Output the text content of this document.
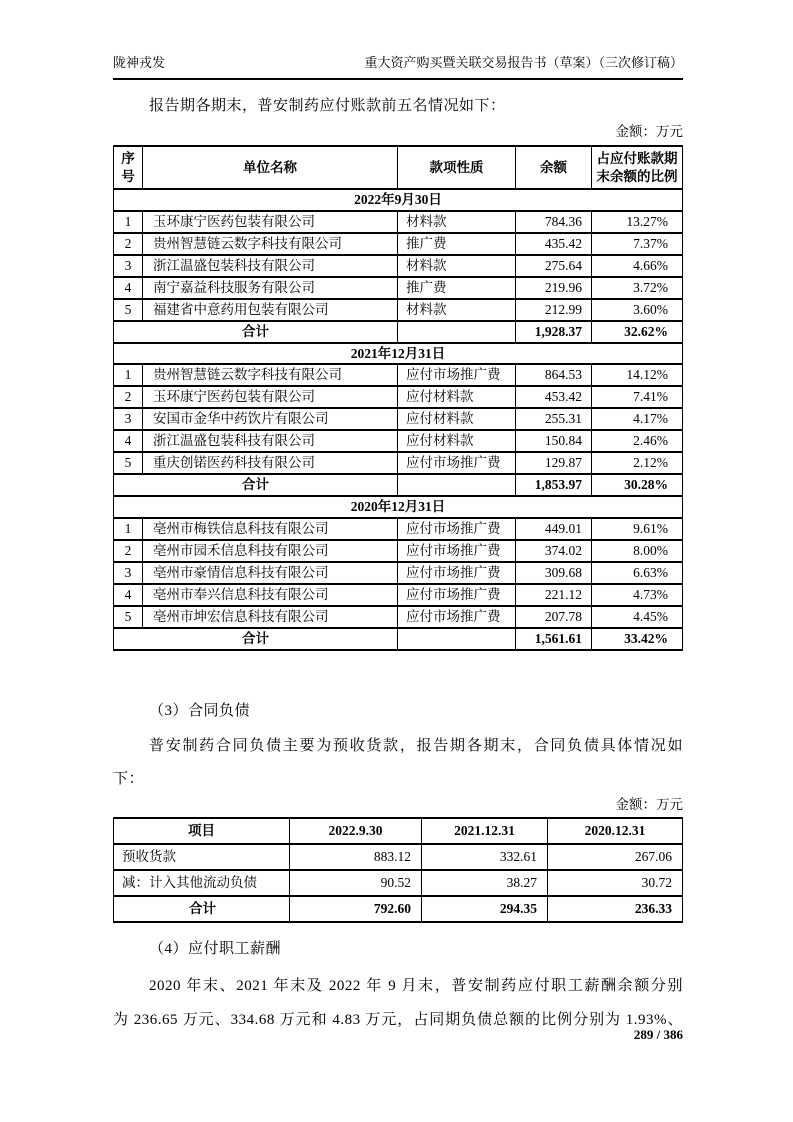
陇神戎发	重大资产购买暨关联交易报告书（草案）（三次修订稿）
报告期各期末，普安制药应付账款前五名情况如下：
金额：万元
序号	单位名称	款项性质	余额	占应付账款期末余额的比例
2022年9月30日				
1	玉环康宁医药包装有限公司	材料款	784.36	13.27%
2	贵州智慧链云数字科技有限公司	推广费	435.42	7.37%
3	浙江温盛包装科技有限公司	材料款	275.64	4.66%
4	南宁嘉益科技服务有限公司	推广费	219.96	3.72%
5	福建省中意药用包装有限公司	材料款	212.99	3.60%
合计			1,928.37	32.62%
2021年12月31日				
1	贵州智慧链云数字科技有限公司	应付市场推广费	864.53	14.12%
2	玉环康宁医药包装有限公司	应付材料款	453.42	7.41%
3	安国市金华中药饮片有限公司	应付材料款	255.31	4.17%
4	浙江温盛包装科技有限公司	应付材料款	150.84	2.46%
5	重庆创锘医药科技有限公司	应付市场推广费	129.87	2.12%
合计			1,853.97	30.28%
2020年12月31日				
1	亳州市梅铁信息科技有限公司	应付市场推广费	449.01	9.61%
2	亳州市园禾信息科技有限公司	应付市场推广费	374.02	8.00%
3	亳州市豪情信息科技有限公司	应付市场推广费	309.68	6.63%
4	亳州市奉兴信息科技有限公司	应付市场推广费	221.12	4.73%
5	亳州市坤宏信息科技有限公司	应付市场推广费	207.78	4.45%
合计			1,561.61	33.42%
（3）合同负债
普安制药合同负债主要为预收货款，报告期各期末，合同负债具体情况如
下：
金额：万元
项目	2022.9.30	2021.12.31	2020.12.31
预收货款	883.12	332.61	267.06
减：计入其他流动负债	90.52	38.27	30.72
合计	792.60	294.35	236.33
（4）应付职工薪酬
2020 年末、2021 年末及 2022 年 9 月末，普安制药应付职工薪酬余额分别
为 236.65 万元、334.68 万元和 4.83 万元，占同期负债总额的比例分别为 1.93%、
289 / 386
